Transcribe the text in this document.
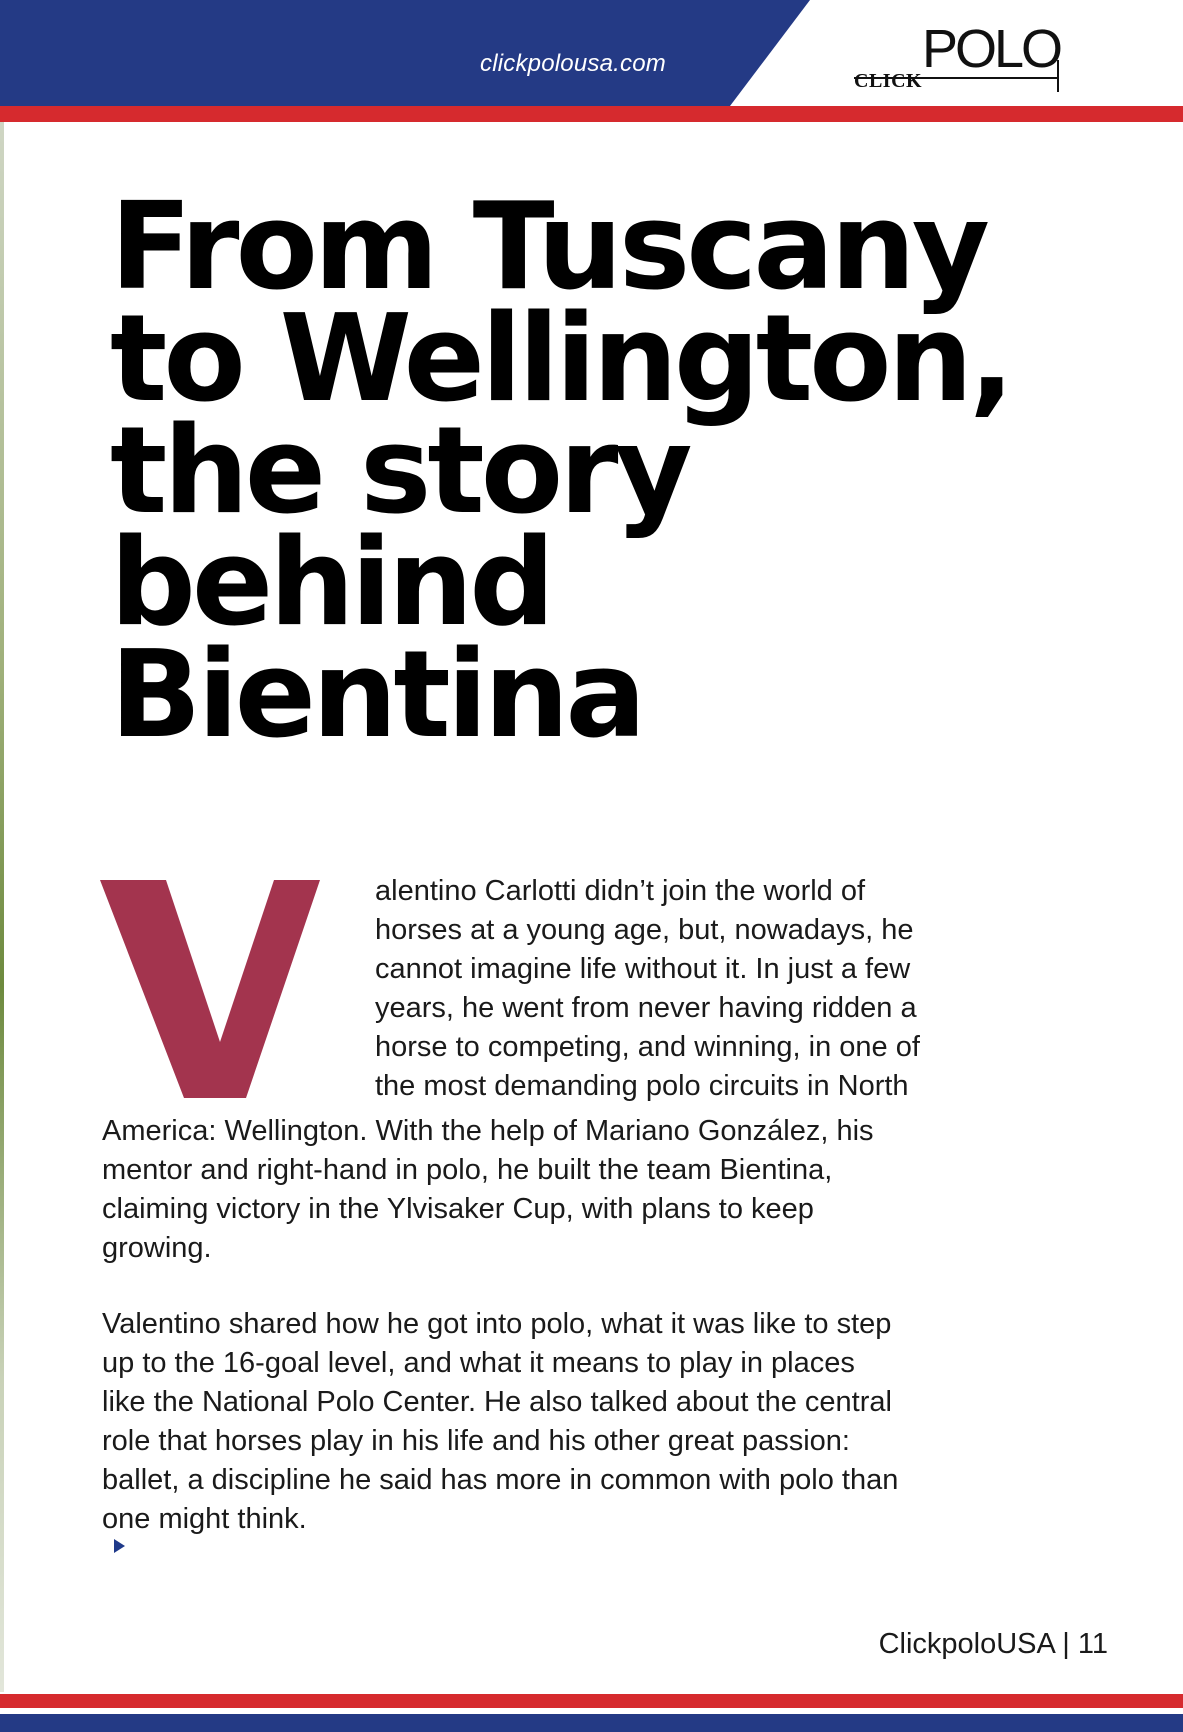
clickpolousa.com
CLICK
POLO
From Tuscany
to Wellington,
the story
behind
Bientina

alentino Carlotti didn’t join the world of
horses at a young age, but, nowadays, he
cannot imagine life without it. In just a few
years, he went from never having ridden a
horse to competing, and winning, in one of
the most demanding polo circuits in North

America: Wellington. With the help of Mariano González, his
mentor and right-hand in polo, he built the team Bientina,
claiming victory in the Ylvisaker Cup, with plans to keep
growing.

Valentino shared how he got into polo, what it was like to step
up to the 16-goal level, and what it means to play in places
like the National Polo Center. He also talked about the central
role that horses play in his life and his other great passion:
ballet, a discipline he said has more in common with polo than
one might think.

ClickpoloUSA | 11
